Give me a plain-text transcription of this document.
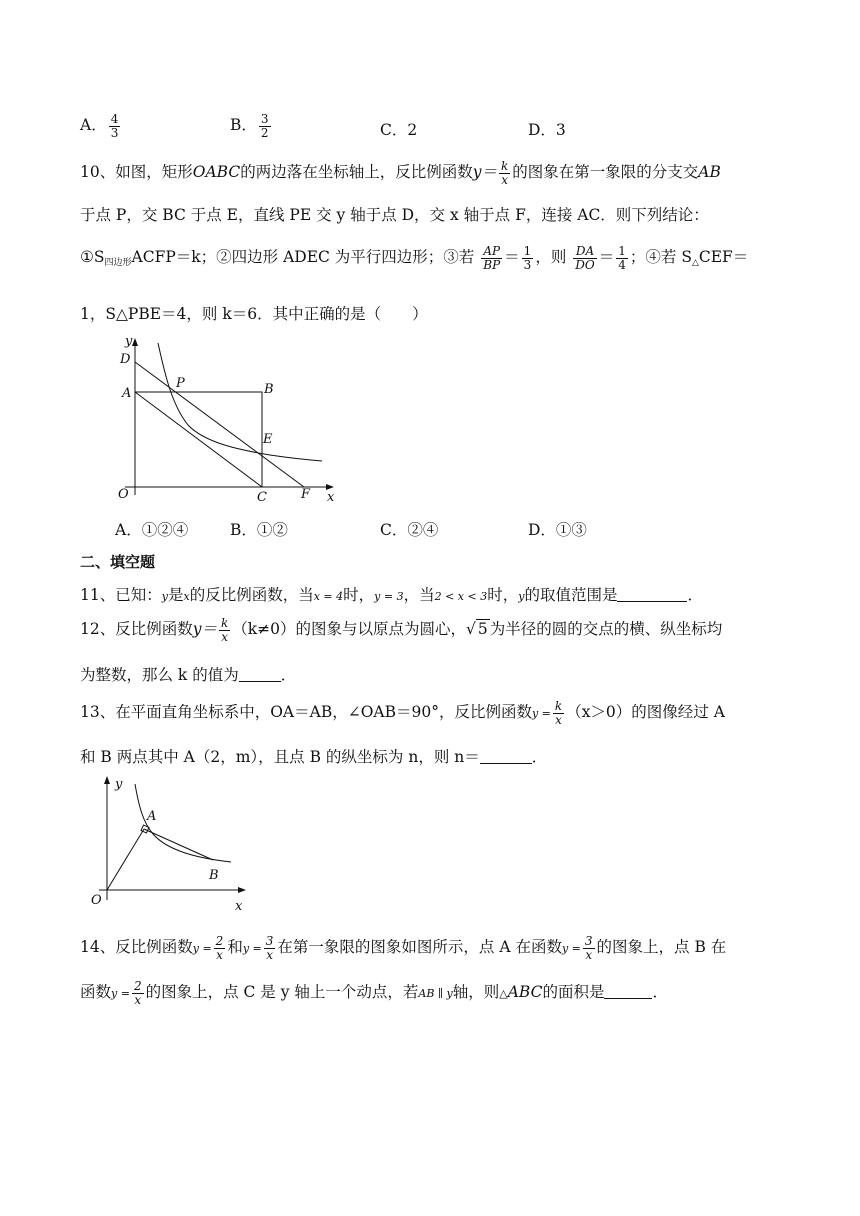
A． $\frac{4}{3}$	B． $\frac{3}{2}$	C．2	D．3
10、如图，矩形OABC的两边落在坐标轴上，反比例函数$y= \frac{k}{x}$ 的图象在第一象限的分支交AB
于点 P，交 BC 于点 E，直线 PE 交 y 轴于点 D，交 x 轴于点 F，连接 AC．则下列结论：
$①S_{四边形}ACFP=k$；②四边形 ADEC 为平行四边形；③若 $\frac{AP}{BP} = \frac{1}{3}$ ，则 $\frac{DA}{DO} = \frac{1}{4}$ ；④若 $S_\triangle CEF=$
1，S△PBE＝4，则 k＝6．其中正确的是（　　）
y
D
A
P	B
E
O	C	F x
A．①②④	B．①②	C．②④	D．①③
二、填空题
11、已知：y是x的反比例函数，当x = 4时，y = 3，当2 < x < 3时，y的取值范围是	．
12、反比例函数$y= \frac{k}{x} (k\ne 0)$的图象与以原点为圆心，√ 5 为半径的圆的交点的横、纵坐标均
为整数，那么 k 的值为	．
13、在平面直角坐标系中，OA＝AB，∠OAB＝90°，反比例函数$y = \frac{k}{x} (x>0)$的图像经过 A
和 B 两点其中 A（2，m），且点 B 的纵坐标为 n，则 n＝	．
y
A
B
O	x
14、反比例函数$y = \frac{2}{x}$ 和$y = \frac{3}{x}$ 在第一象限的图象如图所示，点 A 在函数$y = \frac{3}{x}$ 的图象上，点 B 在
函数$y = \frac{2}{x}$ 的图象上，点 C 是 y 轴上一个动点，若AB ∥ y轴，则△ABC的面积是	．
